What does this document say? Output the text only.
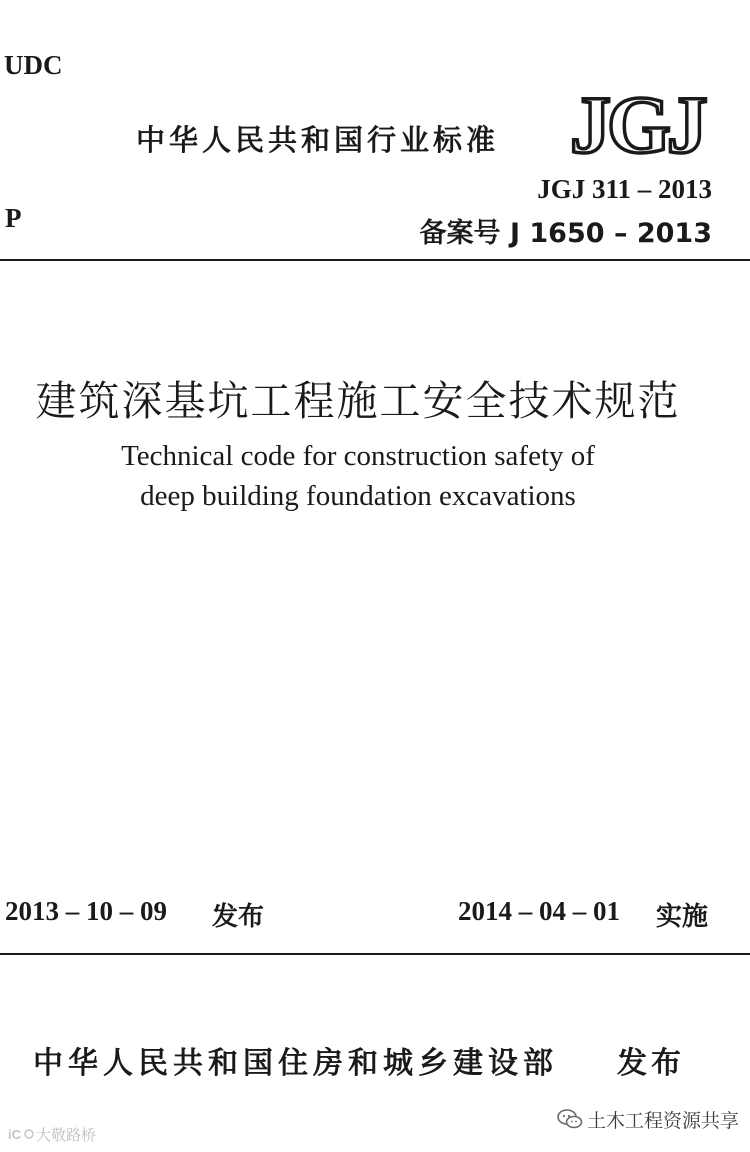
UDC
中华人民共和国行业标准
P
JGJ
JGJ 311 – 2013
备案号 J 1650 – 2013
建筑深基坑工程施工安全技术规范
Technical code for construction safety of
deep building foundation excavations
2013 – 10 – 09 发布	2014 – 04 – 01 实施
中华人民共和国住房和城乡建设部 发布
iC 大敬路桥
土木工程资源共享
